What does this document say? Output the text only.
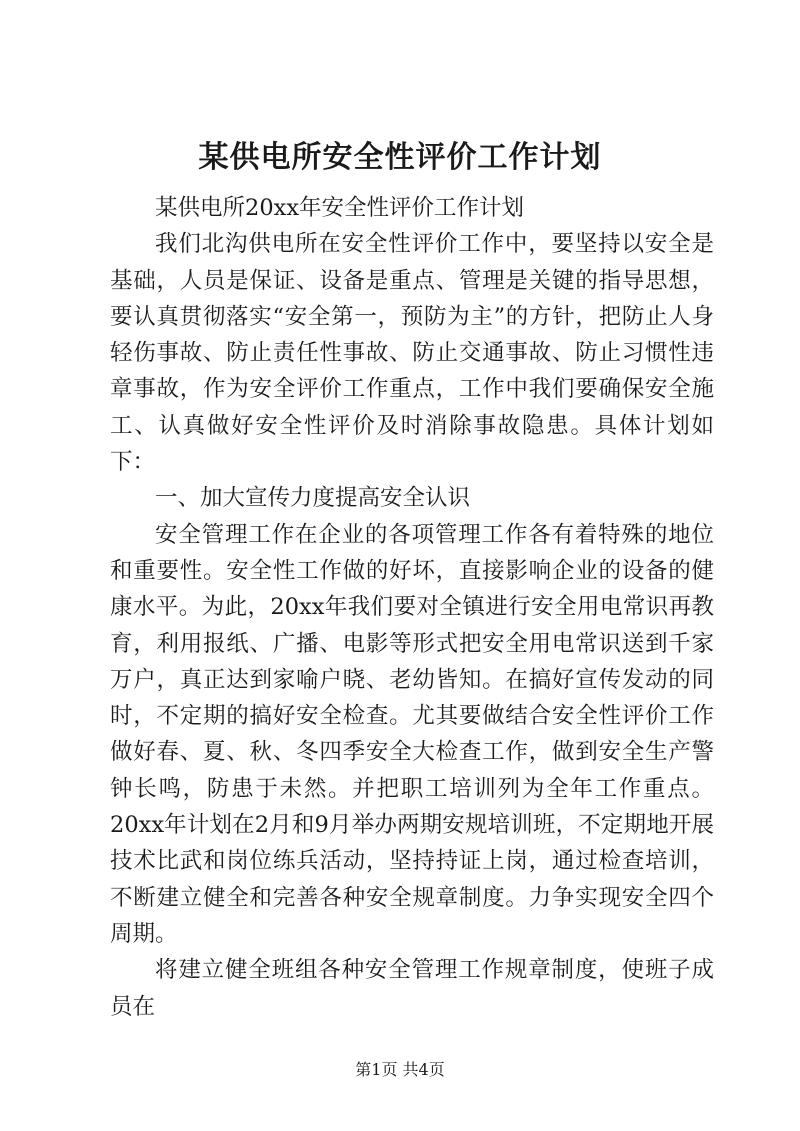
某供电所安全性评价工作计划

某供电所20xx年安全性评价工作计划

我们北沟供电所在安全性评价工作中，要坚持以安全是基础，人员是保证、设备是重点、管理是关键的指导思想，要认真贯彻落实“安全第一，预防为主”的方针，把防止人身轻伤事故、防止责任性事故、防止交通事故、防止习惯性违章事故，作为安全评价工作重点，工作中我们要确保安全施工、认真做好安全性评价及时消除事故隐患。具体计划如下：

一、加大宣传力度提高安全认识

安全管理工作在企业的各项管理工作各有着特殊的地位和重要性。安全性工作做的好坏，直接影响企业的设备的健康水平。为此，20xx年我们要对全镇进行安全用电常识再教育，利用报纸、广播、电影等形式把安全用电常识送到千家万户，真正达到家喻户晓、老幼皆知。在搞好宣传发动的同时，不定期的搞好安全检查。尤其要做结合安全性评价工作做好春、夏、秋、冬四季安全大检查工作，做到安全生产警钟长鸣，防患于未然。并把职工培训列为全年工作重点。20xx年计划在2月和9月举办两期安规培训班，不定期地开展技术比武和岗位练兵活动，坚持持证上岗，通过检查培训，不断建立健全和完善各种安全规章制度。力争实现安全四个周期。

将建立健全班组各种安全管理工作规章制度，使班子成员在

第1页 共4页
